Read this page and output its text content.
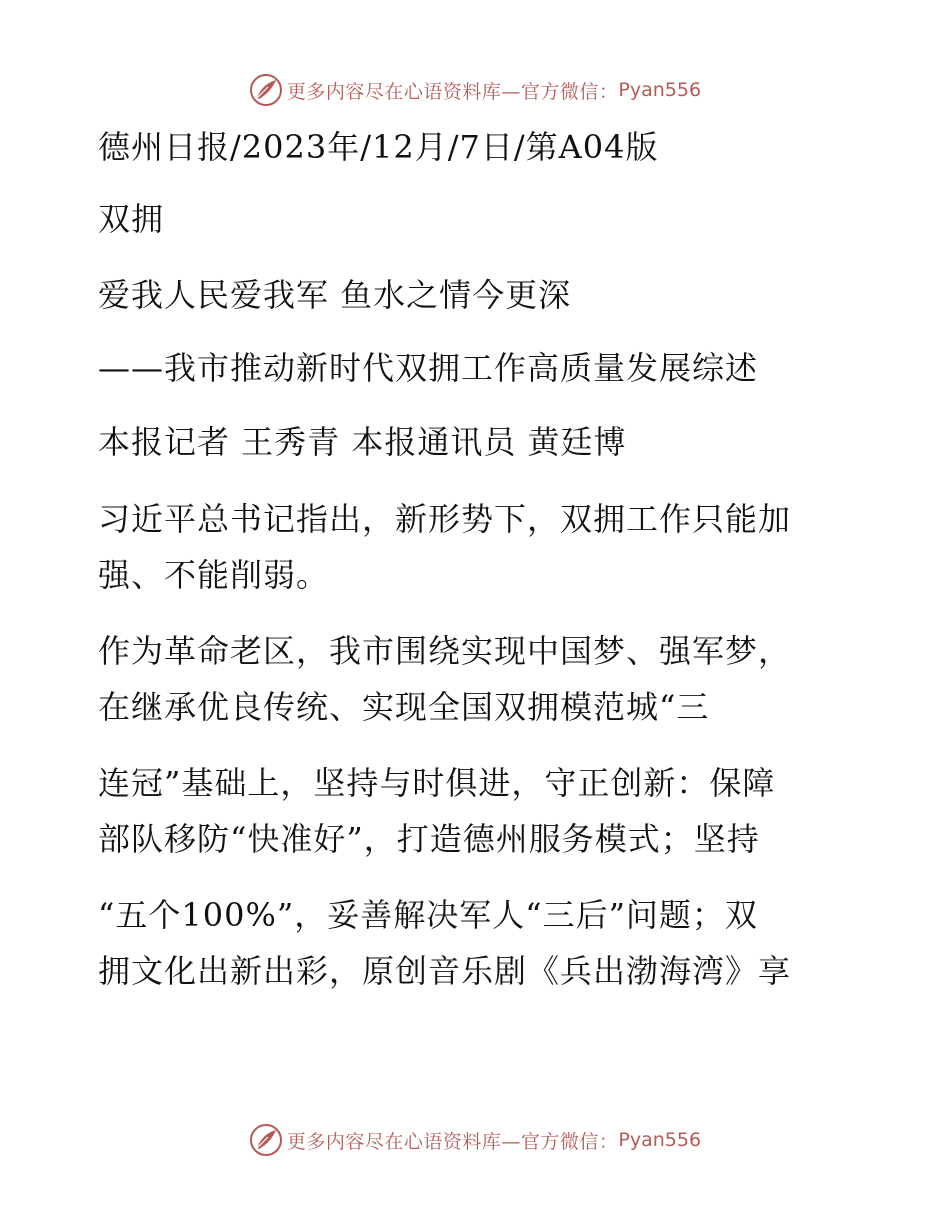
更多内容尽在心语资料库—官方微信： Pyan556
德州日报/2023年/12月/7日/第A04版
双拥
爱我人民爱我军 鱼水之情今更深
——我市推动新时代双拥工作高质量发展综述
本报记者 王秀青 本报通讯员 黄廷博
习近平总书记指出，新形势下，双拥工作只能加
强、不能削弱。
作为革命老区，我市围绕实现中国梦、强军梦，
在继承优良传统、实现全国双拥模范城“三
连冠”基础上，坚持与时俱进，守正创新：保障
部队移防“快准好”，打造德州服务模式；坚持
“五个100%”，妥善解决军人“三后”问题；双
拥文化出新出彩，原创音乐剧《兵出渤海湾》享
更多内容尽在心语资料库—官方微信： Pyan556
